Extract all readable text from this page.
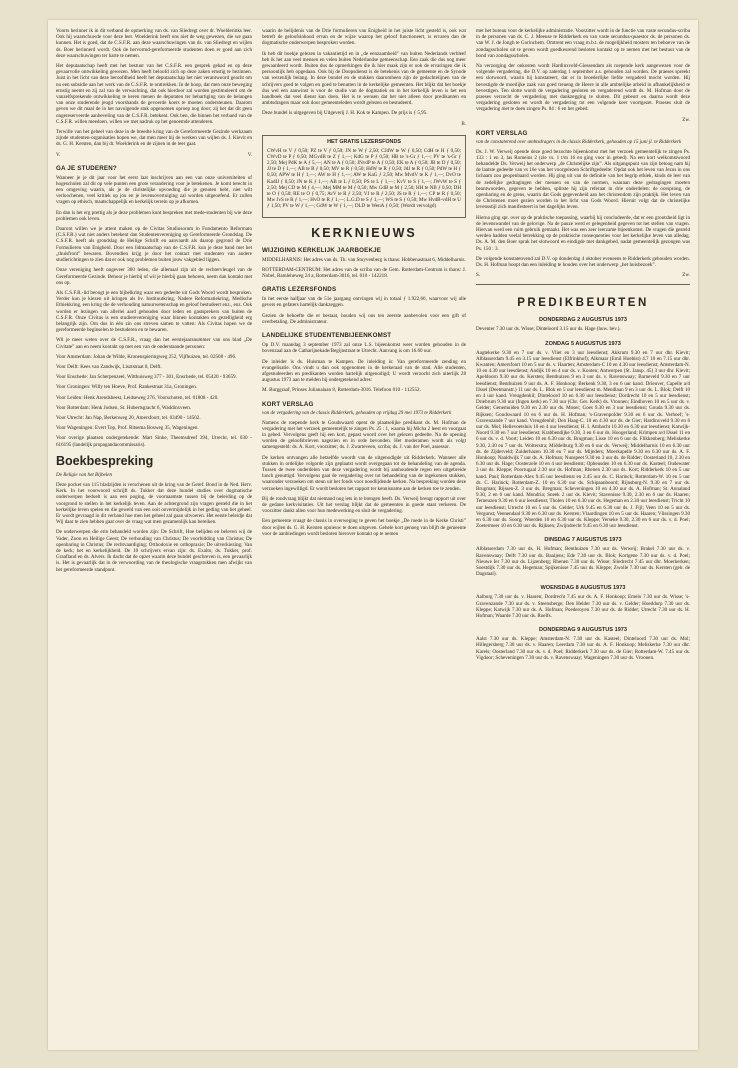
Voorts herinner ik in dit verband de opmerking van ds. van Sliedregt over dr. Woelderinks leer. Ook hij waarschuwde voor deze leer. Woelderink heeft ons niet de weg gewezen, die we gaan kunnen. Het is goed, dat de C.S.F.R. aan deze waarschuwingen van ds. van Sliedregt en wijlen ds. Boer herinnerd wordt. Ook de hervormd-gereformeerde studenten doen er goed aan zich deze waarschuwingen ter harte te nemen.

Het deputaatschap heeft met het bestuur van het C.S.F.R. een gesprek gehad en op deze gevaarvolle ontwikkeling gewezen. Men heeft beloofd zich op deze zaken ernstig te bezinnen. Juist in het licht van deze beroofdheid heeft het deputaatschap het niet verantwoord geacht om nu een subsidie aan het werk van de C.S.F.R. te onttrekken. In de hoop, dat men onze beweging ernstig neemt en zij zal van de verwachting, dat ook hierdoor zal worden gestimuleerd om de vanzelfsprekende ontwikkeling te keren menen de deputaten ter behartiging van de belangen van onze studerende jeugd voorshands de gevoerde koers te moeten ondersteunen. Daarom geven we dit maal de in het navolgende stuk opgenomen oproep nog door; zij het dat dit geen ongereserveerde aanbeveling van de C.S.F.R. betekent. Ook ben, die binnen het verband van de C.S.F.R. willen meedoen, willen we met nadruk op het genoemde attenderen.

Terwille van het geheel van deze in de breedte kring van de Gereformeerde Gezinde werkzaam zijnde studenten-organisaties hopen we, dat men meer bij de werken van wijlen ds. J. Kievit en ds. G. H. Kersten, dan bij dr. Woelderink en de zijnen in de leer gaat.

V.	V.
GA JE STUDEREN?

Wanneer je je dit jaar voor het eerst laat inschrijven aan een van onze universiteiten of hogescholen zal dit op vele punten een grote verandering voor je betekenen. Je komt terecht in een omgeving waarin, als je de christelijke opvoeding die je genoten hebt, niet wilt verloochenen, veel kritiek op jou en je levensovertuiging zal worden uitgeoefend. Er zullen vragen op ethisch, maatschappelijk en kerkelijk terrein op je afkomen.

En dan is het erg prettig als je deze problemen kunt bespreken met mede-studenten bij wie deze problemen ook leven.

Daarom willen we je attent maken op de Civitas Studiosorum in Fundamento Reformato (C.S.F.R.) wat niet anders betekent dan Studentenvereniging op Gereformeerde Grondslag. De C.S.F.R. heeft als grondslag de Heilige Schrift en aanvaardt als daarop gegrond de Drie Formulieren van Enigheid. Door een lidmaatschap van de C.S.F.R. kun je deze band met het „thuisfront” bewaren. Bovendien krijg je door het contact met studenten van andere studierichtingen te zien dat er ook nog problemen buiten jouw vakgebied liggen.

Onze vereniging heeft ongeveer 300 leden, die allemaal zijn uit de rechtervleugel van de Gereformeerde Gezinde. Behoor je hierbij of wil je hierbij gaan behoren, neem dan kontakt met ons op.

Als C.S.F.R.-lid beoogt je een bijbelkring waar een gedeelte uit Gods Woord wordt besproken. Verder kun je kiezen uit kringen als bv. Instituutkring, Nadere Reformatiekring, Medische Ethiekkring, een kring die de verhouding natuurwetenschap en geloof bestudeert enz., enz. Ook worden er lezingen van allerlei aard gehouden door leden en gastsprekers van buiten de C.S.F.R. Onze Civitas is een studierevereniging waar binnen kontakten en gezelligheid erg belangrijk zijn. Om dus in één zin ons streven samen te vatten: Als Civitas hopen we de gereformeerde beginselen te bestuderen en te bewaren.

Wil je meer weten over de C.S.F.R., vraag dan het eerstejaarsnummer van ons blad „De Civitate” aan en neem kontakt op met een van de onderstaande personen:

Voor Amsterdam: Johan de Wilde, Kronenspieringweg 252, Vijfhuizen, tel. 02508 - 496.

Voor Delft: Kees van Zandwijk, Lisztstraat 8, Delft.

Voor Enschede: Jan Scherpenzeel, Witthuisweg 377 - 301, Enschede, tel. 05420 - 93659.

Voor Groningen: Willy ten Hoeve, Prof. Rankestraat 31a, Groningen.

Voor Leiden: Henk Arendsbeest, Leidseweg 276, Voorschoten, tel. 01808 - 420.

Voor Rotterdam: Henk Jodsen, St. Hubertsgracht 6, Waddinxveen.

Voor Utrecht: Jan Nap, Berkenweg 20, Amersfoort, tel. 03490 - 14502.

Voor Wageningen: Evert Top, Prof. Ritsema Bosweg 35, Wageningen.

Voor overige plaatsen ondergetekende: Mart Sinke, Theemsdreef 394, Utrecht, tel. 030 - 616195 (landelijk propagandacommissaris).

Boekbespreking

De Religie van het Bijbelen

Deze pocket van 115 bladzijden is verschenen uit de kring van de Geref. Bond in de Ned. Herv. Kerk. In het voorwoord schrijft ds. Tukker dat deze bundel studies over dogmatische onderwerpen bedoelt is aan een poging, de voornaamste tussen bij de beleiding op de voorgrond te stellen in het kerkelijk leven. Aan de achtergrond zijn vragen gesteld die in het kerkelijke leven spelen en die geweld van een ooit onvermijdelijk in het geding van het geheel. Er wordt gevraagd in dit verband hoe men het geheel zal gaan uitvoeren. Het eerste beleidje dat Wij daar te zien hebben gaat over de vraag wat men gezamenlijk kan bereiken.

De onderwerpen die erin behandeld worden zijn: De Schrift, Hoe belijden en beleven wij de Vader, Zoon en Heilige Geest; De verhouding van Christus; De voorbidding van Christus; De openbaring in Christus; De rechtvaardiging; Orthodoxie en orthopraxie; De uitverkiezing; Van de kerk; het en kerkelijkheid. De 10 schrijvers ervan zijn: ds. Exalto, ds. Tukker, prof. Graafland en ds. Alvers. Ik dacht dat de opzet waarin deze bundel geschreven is, een gevaarlijk is. Het is gevaarlijk dat in de verwoording van de theologische vraagstukken men afwijkt van het gereformeerde standpunt.

waarin de belijdenis van de Drie formulieren van Enigheid in het juiste licht gesteld is, ook wat betreft de geloofsinhoud ervan en de wijze waarop het geloof functioneert, is ervaren dan de dogmatische onderwerpen besproken worden.

Ik heb dit boekje gelezen in vakantietijd en in „de eenzaamheid” van buiten Nederlands verbleef heb ik het aan veel mensen en velen buiten Nederlandse gemeenschap. Een zaak die dus nog meer gewaardeerd wordt. Buiten dus de opmerkingen die ik hier maak zijn er ook de ervaringen die ik persoonlijk heb opgedaan. Ook bij de Doopsdienst is de betekenis van de gemeente en de Synode van wezenlijk belang. In deze bundel en de stukken daaromheen zijn de gedachtelijnen van de schrijvers goed te volgen en goed te benutten in de kerkelijke gemeenten. Het blijkt dat het boekje dus wel een aanwinst is voor de studie van de dogmatiek en in het kerkelijk leven is het een handboek dat veel dienst kan doen. Het is te wensen dat het niet alleen door predikanten en ambtsdragers maar ook door gemeenteleden wordt gelezen en bestudeerd.

Deze bundel is uitgegeven bij Uitgeverij J. H. Kok te Kampen. De prijs is ƒ 5,95.

B.
HET GRATIS LEZERSFONDS

CWvH te V ƒ 0,50; PZ te V ƒ 0,50; JN te W ƒ 2,50; CJdW te W ƒ 0,50; CdH te H ƒ 0,50; CWvD te P ƒ 0,50; MGvdB te Z ƒ 1,—; KdG te P ƒ 0,50; HB te 's-Gr ƒ 1,—; PV te 's-Gr ƒ 2,50; Mej PdK te A ƒ 5,—; AN te A ƒ 0,50; JNvdP te A ƒ 0,50; EK te A ƒ 0,50; JB te D ƒ 0,50; JJ te D ƒ 1,—; AB te R ƒ 0,50; MV te R ƒ 0,50; HdW te R ƒ 0,50; JdJ te R ƒ 0,50; PdW te H ƒ 0,50; APW te H ƒ 1,—; AW te H ƒ 1,—; AW te KaG ƒ 2,50; Mw MvdV te K ƒ 1,—; DvO te KadIJ ƒ 0,50; JN te K ƒ 1,—; AB te L ƒ 0,50; PS te L ƒ 1,—; KvV te S ƒ 1,—; JWvW te S ƒ 2,50; Mej CD te M ƒ 4,—; Mej MM te M ƒ 0,50; Mw GdB te M ƒ 2,50; HH te NB ƒ 0,50; DH te O ƒ 0,50; RE te O ƒ 0,75; AvV te R ƒ 2,50; VJ te R ƒ 2,50; JS te R ƒ 1,—; CP te R ƒ 0,50; Mw JvS te R ƒ 1,—; HvO te R ƒ 1,—; L.G.D te S ƒ 1,—; WS te S ƒ 0,50; Mw HvdB-vdH te U ƒ 1,50; PV te W ƒ 1,—; GdW te W ƒ 1,—; DLD te WenA ƒ 0,50; (Wordt vervolgd)

KERKNIEUWS
WIJZIGING KERKELIJK JAARBOEKJE

MIDDELHARNIS: Het adres van ds. Th. van Stuyvenberg is thans: Hobbenastraat 6, Middelharnis.

ROTTERDAM-CENTRUM: Het adres van de scriba van de Gem. Rotterdam-Centrum is thans: J. Nobel, Ramleheweg 24 a, Rotterdam-3016, tel. 010 - 142218.

GRATIS LEZERSFONDS

In het eerste halfjaar van de 51e jaargang ontvingen wij in totaal ƒ 1.922,66, waarvoor wij alle gevers en gefaters hartelijk dankzeggen.

Gezien de behoefte die er bestaat, houden wij ons ten zeerste aanbevolen voor een gift of overbetaling. De administrateur.

LANDELIJKE STUDENTENBIJEENKOMST

Op D.V. maandag 3 september 1973 zal onze L.S. bijeenkomst weer worden gehouden in de bovenzaal aan de Catharijnekade/Begijnstraat te Utrecht. Aanvang is om 16.60 uur.

De inleider is ds. Huisman te Kampen. De inleiding is: Van gereformeerde zending en evangelisatie. Ons vindt u dan ook opgenomen in de kerkeraad van de stad. Alle studenten, afgestudeerden en predikanten worden hartelijk uitgenodigd; U wordt verzocht zich uiterlijk 28 augustus 1973 aan te melden bij ondergetekend adres:

M. Burggraaf, Prinses Julianalaan 8, Rotterdam-3016. Telefoon 010 - 112552.

KORT VERSLAG

van de vergadering van de classis Ridderkerk, gehouden op vrijdag 29 mei 1973 te Ridderkerk

Namens de roepende kerk te Goudswaard opent de plaatselijke predikant ds. M. Hofman de vergadering met het verzoek gemeentelijk te zingen Ps. 25 : 1, waarna hij Micha 2 leest en voorgaat in gebed. Vervolgens geeft hij een kort, gepast woord over het gelezen gedeelte. Na de opening worden de geloofsbrieven nagezien en in orde bevonden. Het moderamen wordt als volgt samengesteld: ds. A. Kort, voorzitter; ds. J. Zwarteveen, scriba; ds. J. van der Poel, assessor.

De kerken ontvangen alle hetzelfde woordt van de uitgenodigde uit Ridderkerk. Wanneer alle stukken in ordelijke volgorde zijn geplaatst wordt overgegaan tot de behandeling van de agenda. Tussen de twee onderdelen van deze vergadering wordt bij aanhoudende regen een uitgebreide lunch genuttigd. Vervolgens gaat de vergadering over tot behandeling van de ingekomen stukken, waaronder verzoeken om steun uit het fonds voor noodlijdende kerken. Na bespreking worden deze verzoeken ingewilligd. Er wordt besloten het rapport ter kennisname aan de kerken toe te zenden.

Bij de rondvraag blijkt dat niemand nog iets in te brengen heeft. Ds. Verweij brengt rapport uit over de gedane kerkvisitaties. Uit het verslag blijkt dat de gemeenten in goede staat verkeren. De voorzitter dankt allen voor hun medewerking en sluit de vergadering.

Een gemeente vraagt de classis in overweging te geven het boekje „De roede in de Kerke Christi” door wijlen ds. G. H. Kersten opnieuw te doen uitgeven. Gehele kort genoeg van blijft de gemeente voor de aanbiedingen wordt besloten hierover kontakt op te nemen

met het bureau voor de kerkelijke administratie. Voorzitter wordt in de functie van vaste secundus-scriba in de personen van ds. C. J. Meeuse te Ridderkerk en van vaste secundus-quaestor ds. de personen ds. van W. J. de Jongh te Gorinchem. Omtrent een vraag m.b.t. de mogelijkheid mosters ten behoeve van de zondagsscholen uit te geven wordt goedkeurend besloten kontakt op te nemen met het bestuur van de bond van zondagsscholen.

Na verzorging der onkosten wordt Hardinxveld-Giessendam als roepende kerk aangewezen voor de volgende vergadering, die D.V. op zaterdag 1 september a.s. gehouden zal worden. De praeses spreekt een slotwoord, waarin hij konstateert, dat er in broederlijke liefde vergaderd mocht worden. Hij bevestigde de moeilijke zaak van goed treueng de Heere in alle ambtelijke arbeid in afhankelijkheid te bevestigen. Ten slotte wordt de vergadering gesloten en vergaderend wordt ds. M. Hofman door de praeses verzocht de vergadering met dankzegging te sluiten. Dit gebeurt en daarna wordt deze vergadering gesloten en wordt de vergadering tot een volgende keer voortgezet. Praeses sluit de vergadering met te doen zingen Ps. 84 : 6 en het gebed.

Zw.
KORT VERSLAG

van de constaterend over ambtsdragers in de classis Ridderkerk, gehouden op 15 juni jl. te Ridderkerk

Ds. J. W. Verweij opende deze goed bezochte bijeenkomst met het verzoek gemeentelijk te zingen Ps. 133 : 1 en 3, las Romeins 2 (zie vs. 1 t/m 16 en ging voor in gebed). Na een kort welkomstwoord behandelde Ds. Verweij het onderwerp „de Christelijke zijn”. Als uitgangspunt van zijn betoog nam hij de laatste gedeelte van vs 16e van het voorgelezen Schriftgedeelte: Opdat ook het leven van Jezus in ons lichaam zou geopenbaard worden. Hij ging uit van de definitie van het begrip ethiek, kinds de leer van de zedelijke gedragingen der mensen en van de normen, waaraan deze gedragingen moeten beantwoorden, gegeven te hebben, splitste hij zijn referaat in drie onderdelen: de oorsprong, de openbaring en de grens, waarin dat Gods gegevenheid aan het christendom zijn praktijk. Het leven van de Christenen moet gezien worden in het licht van Gods Woord. Hieruit volgt dat de christelijke levensstijl zich manifesteert in het dagelijks leven.

Hierna ging spr. over op de praktische toepassing, waarbij hij concludeerde, dat er een grootsheid ligt in de levenswandel van de gelovige. Na de pauze werd er gelegenheid gegeven tot het stellen van vragen. Hiervan werd een ruim gebruik gemaakt. Het was een zeer leerzame bijeenkomst. De vragen die gesteld werden hadden veelal betrekking op de praktische consequenties voor het kerkelijke leven van alledag. Ds. A. M. den Boer sprak het slotwoord en eindigde met dankgebed, nadat gemeentelijk gezongen was Ps. 150 : 3.

De volgende konstatenvend zal D.V. op donderdag 4 oktober eveneens te Ridderkerk gehouden worden. Ds. H. Hofman hoopt dan een inleiding te houden over het onderwerp „het huisbezoek”.

S.	Zw.
PREDIKBEURTEN
DONDERDAG 2 AUGUSTUS 1973

Deventer 7.30 uur ds. Wisse; Dinteloord 3.15 uur ds. Hage (huw. bev.).

ZONDAG 5 AUGUSTUS 1973

Aagtekerke 9.30 en 7 uur ds. v. Vliet en 3 uur leesdienst; Akkrum 9.30 en 7 uur dhr. Kievit; Alblasserdam 9.45 en 3.15 uur leesdienst (Elfrinkhof); Alkmaar (Emil Hoeblst) 4.7 10 en 7.15 uur dhr. Kwanten; Amersfoort 10 en 5 uur ds. v. Haarten; Amsterdam-C 10 en 4.30 uur leesdienst; Amsterdam-N. 10 en 4.30 uur leesdienst; Andijk 10 en 4 uur ds. v. Kooten; Antwerpen (St. Jansp. 45) 3 uur dhr. Kievit; Apeldoorn 9.30 uur ds. Kersten; Benthuizen 9 en 3 uur ds. v. Ravenswaay; Barneveld 9.30 en 7 uur leesdienst; Benthuizen 9 uur ds. A. F. Honkoop; Berkenk 9.30, 3 en 6 uur kand. Drieuver, Capelle a/d IJssel (Deetmanstr.) 11 uur ds. L. Blok en 5 uur leesdienst m. Mendlaan 9 en 3 uur ds. L. Blok; Delft 10 en 4 uur kand. Vreugdenhil; Dinteloord 10 en 6.30 uur leesdienst; Dordrecht 10 en 5 uur leesdienst; Driebrum 9.30 uur (Ingen kerk) en 7.30 uur (Chr. Ger. Kerk) ds. Vroonen; Eindhoven 10 en 5 uur ds. v. Gelder; Genemuiden 9.30 en 2.30 uur ds. Moser; Goes 9.30 en 3 uur leesdienst; Gouda 9.30 uur ds. Rijksen; Goudswaard 10 en 6 uur ds. H. Hofman; 's-Gravenpolder 9.30 en 6 uur ds. Verhoef; 's-Gravenzande 7 uur kand. Vreugdenhil; Den Haag-C. 10 en 4.30 uur ds. de Gier; Hardinxveld 9.30 en 6 uur ds. Mol; Hellevoetsluis 10 en 4 uur leesdienst; H. I. Ambacht 10.30 en 6.30 uur leesdienst; Katwijk-Noord 9.30 en 7 uur leesdienst; Krabbendijke 9.30, 3 en 6 uur ds. Hoogerland; Krimpen a/d IJssel 11 en 6 uur ds. v. d. Voort; Leiden 10 en 6.30 uur ds. Brugman; Lisse 10 en 6 uur ds. Flikkenberg; Meliskerke 9.30, 2.30 en 7 uur ds. Wolterstra; Middelburg 9.30 en 6 uur ds. Verweij; Middelharnis 10 en 6.30 uur ds. de Zijderveld; Zuiderhazen 10.30 en 7 uur ds. Mijnders; Moerkapelle 9.30 en 6.30 uur ds. A. F. Honkoop; Naaldwijk 7 uur ds. A. Hofman; Nunspeet 9.30 en 3 uur ds. de Ridder; Oosterland 10, 2.30 en 6.30 uur ds. Hage; Oosterzele 10 en 4 uur leesdienst; Opheusden 10 en 6.30 uur ds. Kasteel; Oudewater 3 uur ds. Kleppe; Poortugaal 2.30 uur ds. Hofman; Rhenen 2.30 uur ds. Kort; Ridderkerk 10 en 5 uur kand. Paul; Rotterdam-Alex 9.45 uur leesdienst en 2.45 uur ds. C. Harinck; Rotterdam-W. 10 en 5 uur ds. C. Harinck; Rotterdam-Z. 10 en 6.30 uur ds. Schipaanboord; Rijnsburg-N. 9.30 en 7 uur ds. Brugman; Rijssen-Z. 3 uur ds. Bregman; Scheveningen 10 en 4.30 uur ds. A. Hofman; St. Annaland 9.30, 2 en 6 uur kand. Mondria; Sneek 2 uur ds. Kievit; Stavenisse 9.30, 2.30 en 6 uur ds. Haaren; Terneuzen 9.30 en 6 uur leesdienst; Tholen 10 en 6.30 uur ds. Hegeman en 2.30 uur leesdienst; Tricht 10 uur leesdienst; Utrecht 10 en 5 uur ds. Gelder; Urk 9.45 en 6.30 uur ds. J. Fijl; Veen 10 en 5 uur ds. Vergunst; Veenendaal 9.30 en 6.30 uur ds. Kersten; Vlaardingen 10 en 5 uur ds. Haaren; Vlissingen 9.30 en 6.30 uur ds. Soorg; Woerden 10 en 6.30 uur ds. Kleppe; Yerseke 9.30, 2.30 en 6 uur ds. v. d. Poel; Zoetermeer 10 en 6.30 uur ds. Rijksen; Zwijndrecht 9.45 en 6.30 uur leesdienst.

DINSDAG 7 AUGUSTUS 1973

Alblasserdam 7.30 uur ds. H. Hofman; Benthuizen 7.30 uur ds. Verweij; Brakel 7.30 uur ds. v. Ravenswaay; Delft 7.30 uur ds. Baaijens; Ede 7.30 uur ds. Blok; Kortgene 7.30 uur ds. v. d. Poel; Nieuwe Ier 7.30 uur ds. Lijzenberg; Rhenen 7.30 uur ds. Wisse; Sliedrecht 7.45 uur dhr. Moerkerken; Soestdijk 7.30 uur ds. Hegeman; Spijkenisse 7.45 uur ds. Kleppe; Zwolle 7.30 uur ds. Kersten (geb. de Dagstaal).

WOENSDAG 8 AUGUSTUS 1973

Aalburg 7.30 uur ds. v. Haaren; Dordrecht 7.45 uur ds. A. F. Honkoop; Emelo 7.30 uur ds. Wisse; 's-Gravenzande 7.30 uur ds. v. Steensberge; Den Helder 7.30 uur ds. v. Gelder; Hoeddorp 7.30 uur ds. Kleppe; Katwijk 7.30 uur ds. A. Hofman; Poederoyen 7.30 uur ds. de Ridder; Utrecht 7.30 uur ds. H. Hofman; Waarde 7.30 uur ds. Roelfs.

DONDERDAG 9 AUGUSTUS 1973

Aalst 7.30 uur ds. Kleppe; Amsterdam-N. 7.30 uur ds. Kasteel; Dinteloord 7.30 uur ds. Mol; Hillegersberg 7.30 uur ds. v. Haaren; Leerdam 7.30 uur ds. A. F. Honkoop; Meliskerke 7.30 uur dhr. Karels; Oosterland 7.30 uur ds. v. d. Poel; Ridderkerk 7.30 uur ds. de Gier; Rotterdam-W. 7.45 uur ds. Vigdoor; Scheveningen 7.30 uur ds. v. Ravenswaay; Wageningen 7.30 uur ds. Vroonen.
